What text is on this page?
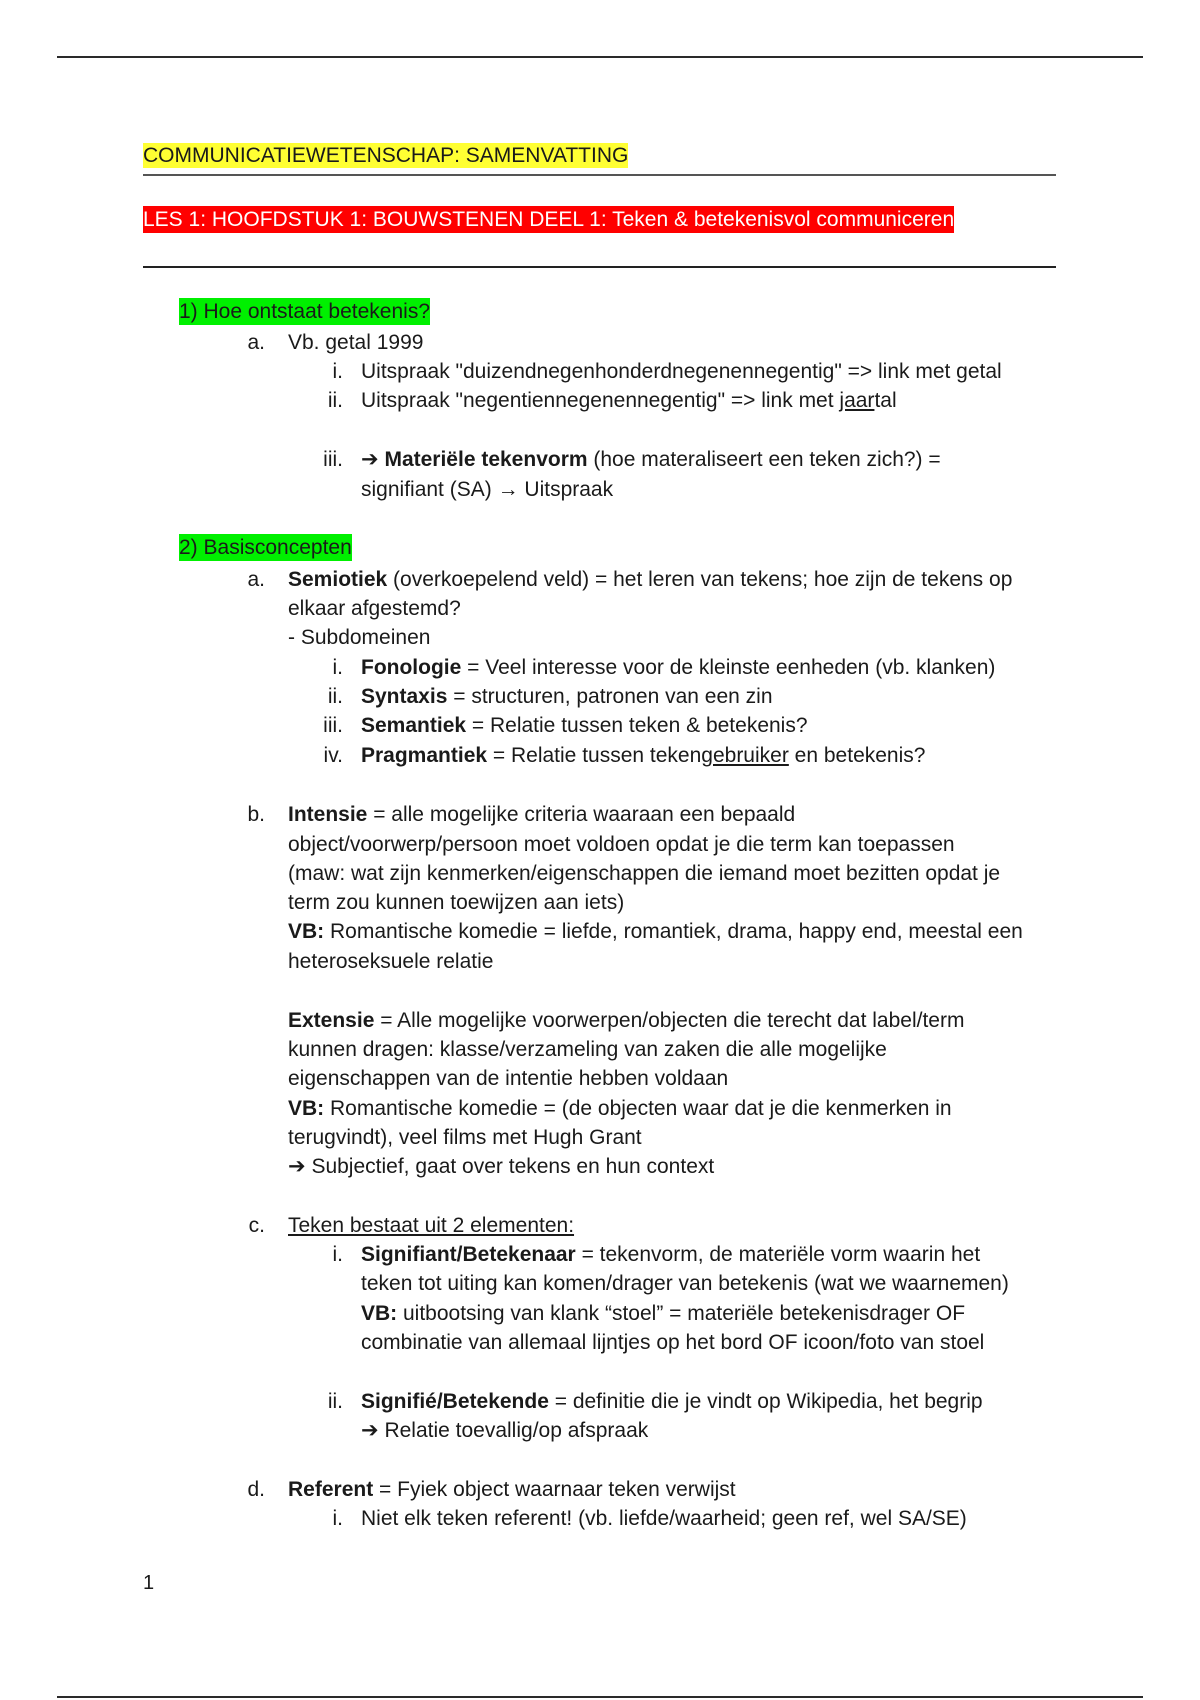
COMMUNICATIEWETENSCHAP: SAMENVATTING
LES 1: HOOFDSTUK 1: BOUWSTENEN DEEL 1: Teken & betekenisvol communiceren
1) Hoe ontstaat betekenis?
a. Vb. getal 1999
i. Uitspraak "duizendnegenhonderdnegenennegentig" => link met getal
ii. Uitspraak "negentiennegenennegentig" => link met jaartal
iii. ➔ Materiële tekenvorm (hoe materaliseert een teken zich?) =
signifiant (SA) → Uitspraak
2) Basisconcepten
a. Semiotiek (overkoepelend veld) = het leren van tekens; hoe zijn de tekens op
elkaar afgestemd?
- Subdomeinen
i. Fonologie = Veel interesse voor de kleinste eenheden (vb. klanken)
ii. Syntaxis = structuren, patronen van een zin
iii. Semantiek = Relatie tussen teken & betekenis?
iv. Pragmantiek = Relatie tussen tekengebruiker en betekenis?
b. Intensie = alle mogelijke criteria waaraan een bepaald
object/voorwerp/persoon moet voldoen opdat je die term kan toepassen
(maw: wat zijn kenmerken/eigenschappen die iemand moet bezitten opdat je
term zou kunnen toewijzen aan iets)
VB: Romantische komedie = liefde, romantiek, drama, happy end, meestal een
heteroseksuele relatie
Extensie = Alle mogelijke voorwerpen/objecten die terecht dat label/term
kunnen dragen: klasse/verzameling van zaken die alle mogelijke
eigenschappen van de intentie hebben voldaan
VB: Romantische komedie = (de objecten waar dat je die kenmerken in
terugvindt), veel films met Hugh Grant
➔ Subjectief, gaat over tekens en hun context
c. Teken bestaat uit 2 elementen:
i. Signifiant/Betekenaar = tekenvorm, de materiële vorm waarin het
teken tot uiting kan komen/drager van betekenis (wat we waarnemen)
VB: uitbootsing van klank “stoel” = materiële betekenisdrager OF
combinatie van allemaal lijntjes op het bord OF icoon/foto van stoel
ii. Signifié/Betekende = definitie die je vindt op Wikipedia, het begrip
➔ Relatie toevallig/op afspraak
d. Referent = Fyiek object waarnaar teken verwijst
i. Niet elk teken referent! (vb. liefde/waarheid; geen ref, wel SA/SE)
1
